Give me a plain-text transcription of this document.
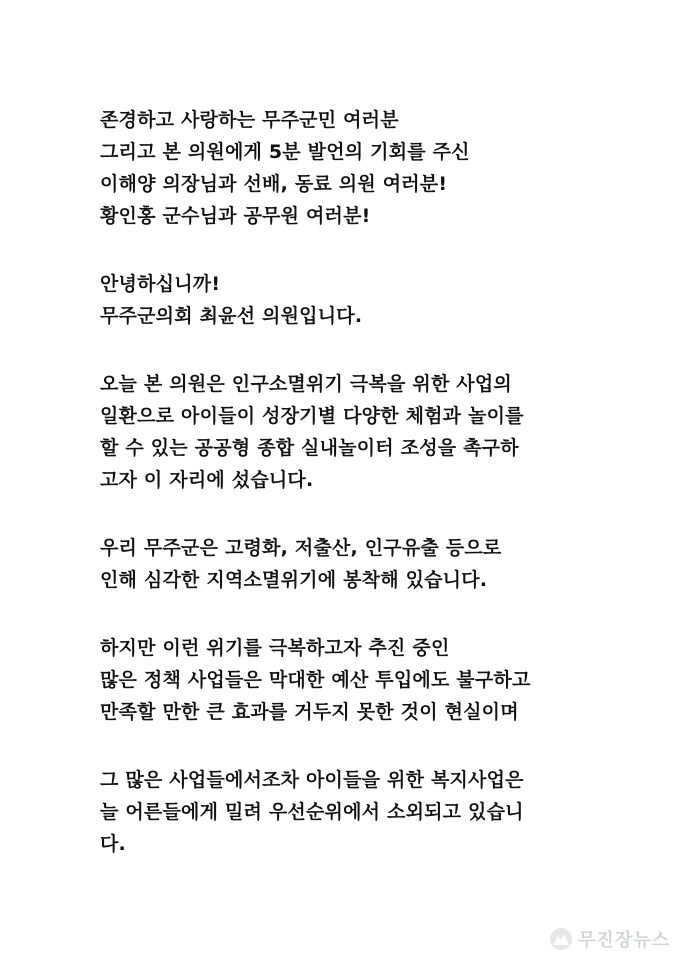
존경하고 사랑하는 무주군민 여러분
그리고 본 의원에게 5분 발언의 기회를 주신
이해양 의장님과 선배, 동료 의원 여러분!
황인홍 군수님과 공무원 여러분!
안녕하십니까!
무주군의회 최윤선 의원입니다.
오늘 본 의원은 인구소멸위기 극복을 위한 사업의
일환으로 아이들이 성장기별 다양한 체험과 놀이를
할 수 있는 공공형 종합 실내놀이터 조성을 촉구하
고자 이 자리에 섰습니다.
우리 무주군은 고령화, 저출산, 인구유출 등으로
인해 심각한 지역소멸위기에 봉착해 있습니다.
하지만 이런 위기를 극복하고자 추진 중인
많은 정책 사업들은 막대한 예산 투입에도 불구하고
만족할 만한 큰 효과를 거두지 못한 것이 현실이며
그 많은 사업들에서조차 아이들을 위한 복지사업은
늘 어른들에게 밀려 우선순위에서 소외되고 있습니
다.
무진장뉴스
